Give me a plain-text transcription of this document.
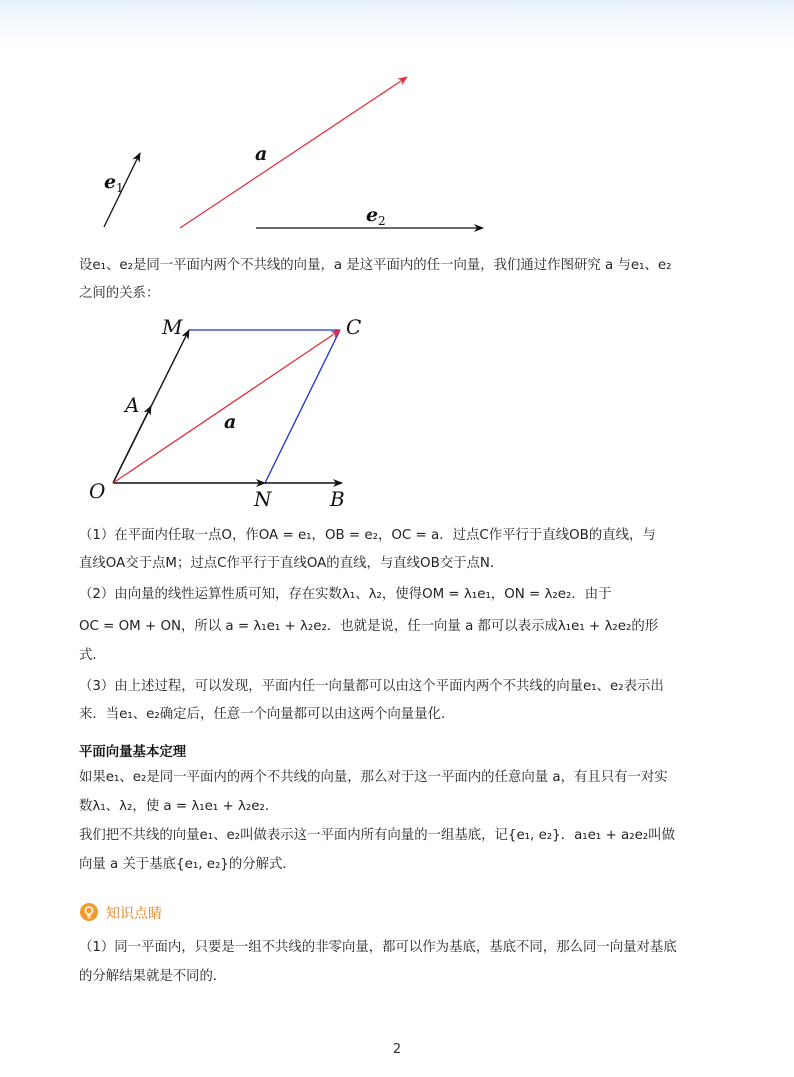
e 1
a
e 2
设e₁、e₂是同一平面内两个不共线的向量，a 是这平面内的任一向量，我们通过作图研究 a 与e₁、e₂
之间的关系：
M	C
A
a
O	N	B
（1）在平面内任取一点O，作OA = e₁，OB = e₂，OC = a．过点C作平行于直线OB的直线，与
直线OA交于点M；过点C作平行于直线OA的直线，与直线OB交于点N．
（2）由向量的线性运算性质可知，存在实数λ₁、λ₂，使得OM = λ₁e₁，ON = λ₂e₂．由于
OC = OM + ON，所以 a = λ₁e₁ + λ₂e₂．也就是说，任一向量 a 都可以表示成λ₁e₁ + λ₂e₂的形
式．
（3）由上述过程，可以发现，平面内任一向量都可以由这个平面内两个不共线的向量e₁、e₂表示出
来．当e₁、e₂确定后，任意一个向量都可以由这两个向量量化．
平面向量基本定理
如果e₁、e₂是同一平面内的两个不共线的向量，那么对于这一平面内的任意向量 a，有且只有一对实
数λ₁、λ₂，使 a = λ₁e₁ + λ₂e₂．
我们把不共线的向量e₁、e₂叫做表示这一平面内所有向量的一组基底，记{e₁, e₂}．a₁e₁ + a₂e₂叫做
向量 a 关于基底{e₁, e₂}的分解式．
知识点睛
（1）同一平面内，只要是一组不共线的非零向量，都可以作为基底，基底不同，那么同一向量对基底
的分解结果就是不同的．
2
